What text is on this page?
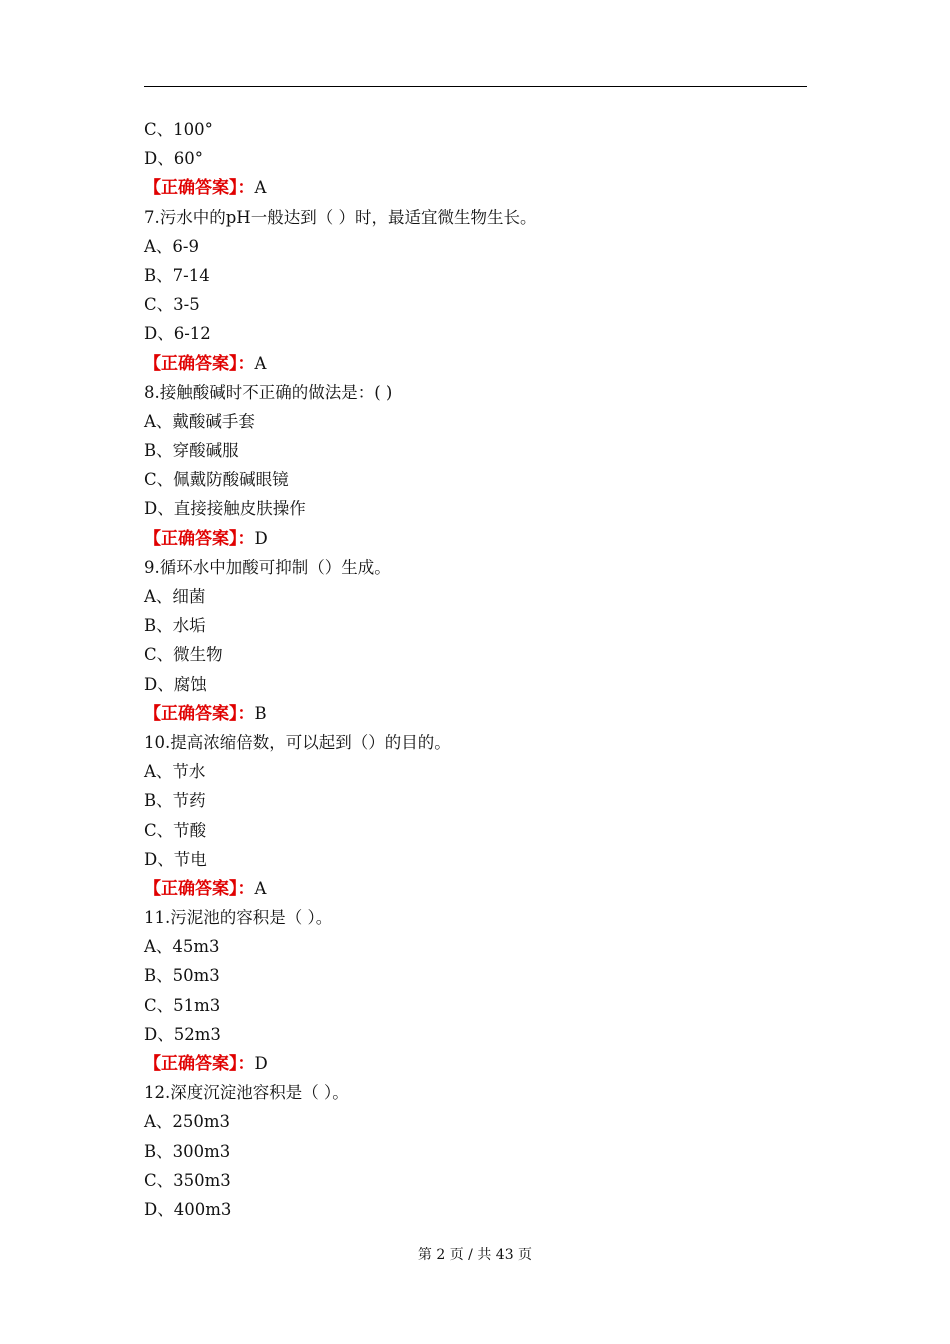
C、100°
D、60°
【正确答案】：A
7.污水中的pH一般达到（ ）时，最适宜微生物生长。
A、6-9
B、7-14
C、3-5
D、6-12
【正确答案】：A
8.接触酸碱时不正确的做法是：( )
A、戴酸碱手套
B、穿酸碱服
C、佩戴防酸碱眼镜
D、直接接触皮肤操作
【正确答案】：D
9.循环水中加酸可抑制（）生成。
A、细菌
B、水垢
C、微生物
D、腐蚀
【正确答案】：B
10.提高浓缩倍数，可以起到（）的目的。
A、节水
B、节药
C、节酸
D、节电
【正确答案】：A
11.污泥池的容积是（ ）。
A、45m3
B、50m3
C、51m3
D、52m3
【正确答案】：D
12.深度沉淀池容积是（ ）。
A、250m3
B、300m3
C、350m3
D、400m3
第 2 页 / 共 43 页
